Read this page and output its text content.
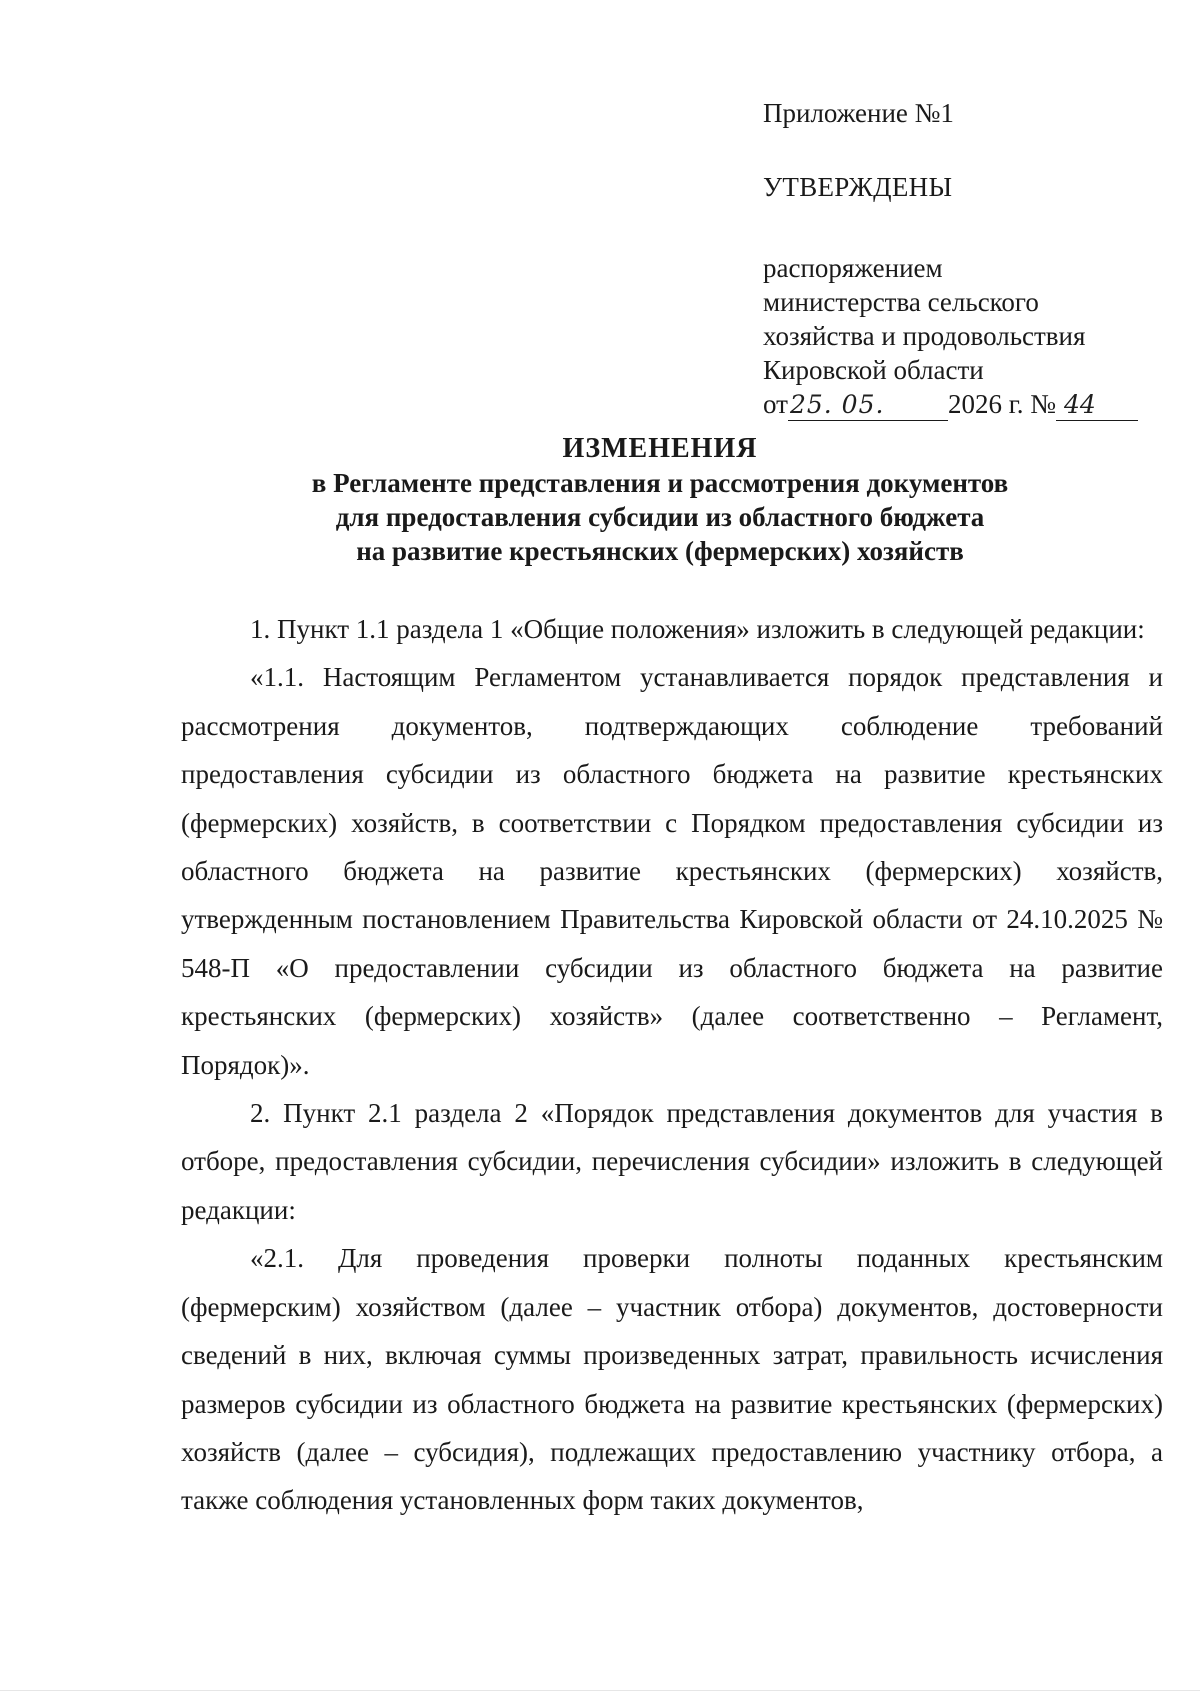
Приложение №1
УТВЕРЖДЕНЫ
распоряжением
министерства сельского
хозяйства и продовольствия
Кировской области
от25. 05. 2026 г. № 44
ИЗМЕНЕНИЯ
в Регламенте представления и рассмотрения документов
для предоставления субсидии из областного бюджета
на развитие крестьянских (фермерских) хозяйств

1. Пункт 1.1 раздела 1 «Общие положения» изложить в следующей редакции:

«1.1. Настоящим Регламентом устанавливается порядок представления и рассмотрения документов, подтверждающих соблюдение требований предоставления субсидии из областного бюджета на развитие крестьянских (фермерских) хозяйств, в соответствии с Порядком предоставления субсидии из областного бюджета на развитие крестьянских (фермерских) хозяйств, утвержденным постановлением Правительства Кировской области от 24.10.2025 № 548-П «О предоставлении субсидии из областного бюджета на развитие крестьянских (фермерских) хозяйств» (далее соответственно – Регламент, Порядок)».

2. Пункт 2.1 раздела 2 «Порядок представления документов для участия в отборе, предоставления субсидии, перечисления субсидии» изложить в следующей редакции:

«2.1. Для проведения проверки полноты поданных крестьянским (фермерским) хозяйством (далее – участник отбора) документов, достоверности сведений в них, включая суммы произведенных затрат, правильность исчисления размеров субсидии из областного бюджета на развитие крестьянских (фермерских) хозяйств (далее – субсидия), подлежащих предоставлению участнику отбора, а также соблюдения установленных форм таких документов,
